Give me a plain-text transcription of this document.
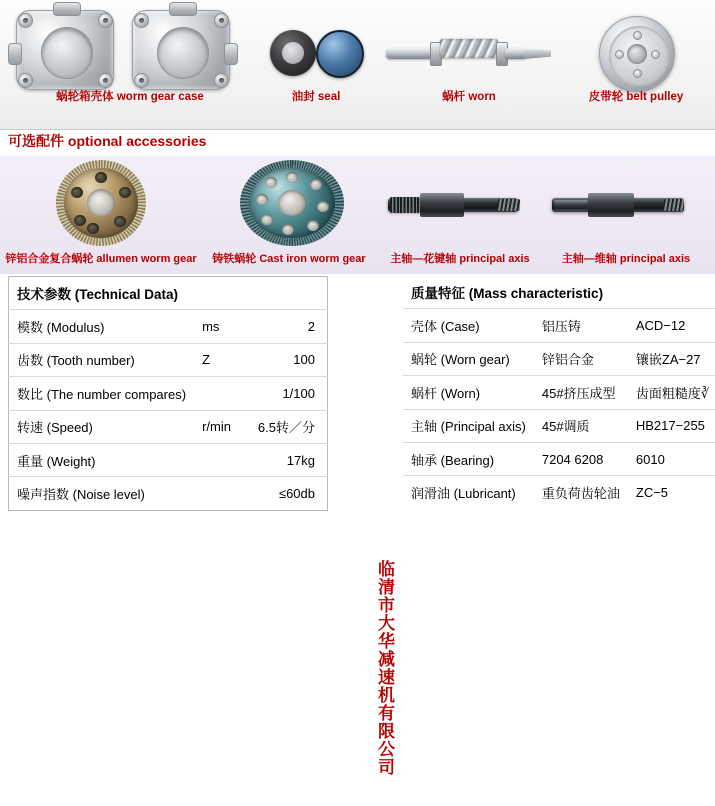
蜗轮箱壳体 worm gear case	油封 seal	蜗杆 worn	皮带轮 belt pulley
可选配件 optional accessories
锌铝合金复合蜗轮 allumen worm gear	铸铁蜗轮 Cast iron worm gear	主轴—花键轴 principal axis	主轴—维轴 principal axis
技术参数 (Technical Data)		
模数 (Modulus)	ms	2
齿数 (Tooth number)	Z	100
数比 (The number compares)		1/100
转速 (Speed)	r/min	6.5转／分
重量 (Weight)		17kg
噪声指数 (Noise level)		≤60db
临清市大华减速机有限公司
质量特征 (Mass characteristic)		
壳体 (Case)	铝压铸	ACD−12
蜗轮 (Worn gear)	锌铝合金	镶嵌ZA−27
蜗杆 (Worn)	45#挤压成型	齿面粗糙度∛
主轴 (Principal axis)	45#调质	HB217−255
轴承 (Bearing)	7204 6208	6010
润滑油 (Lubricant)	重负荷齿轮油	ZC−5
